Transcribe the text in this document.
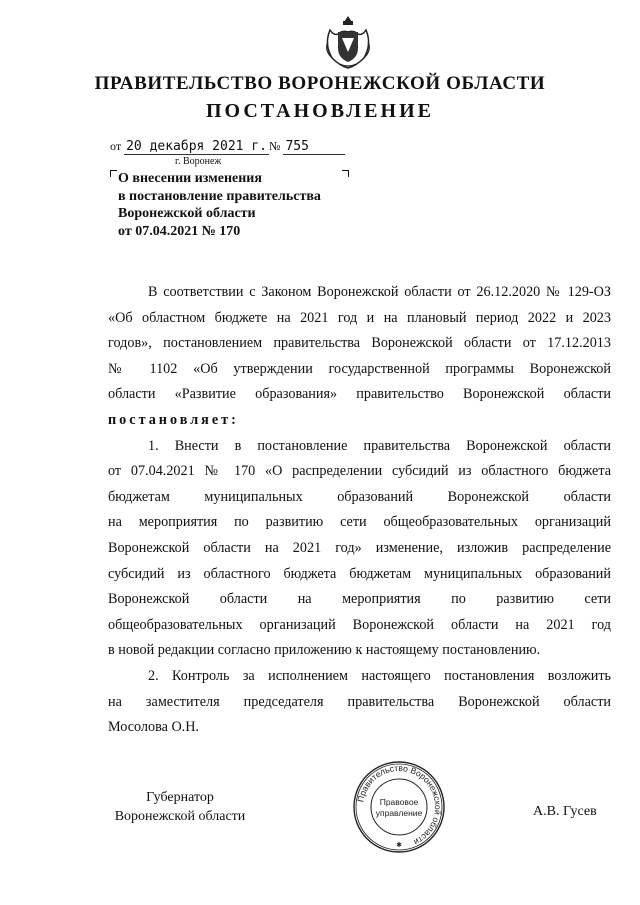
ПРАВИТЕЛЬСТВО ВОРОНЕЖСКОЙ ОБЛАСТИ
ПОСТАНОВЛЕНИЕ
от 20 декабря 2021 г. № 755
г. Воронеж
О внесении изменения
в постановление правительства
Воронежской области
от 07.04.2021 № 170

В соответствии с Законом Воронежской области от 26.12.2020 № 129-ОЗ

«Об областном бюджете на 2021 год и на плановый период 2022 и 2023

годов», постановлением правительства Воронежской области от 17.12.2013

№ 1102 «Об утверждении государственной программы Воронежской

области «Развитие образования» правительство Воронежской области

постановляет:

1. Внести в постановление правительства Воронежской области

от 07.04.2021 № 170 «О распределении субсидий из областного бюджета

бюджетам муниципальных образований Воронежской области

на мероприятия по развитию сети общеобразовательных организаций

Воронежской области на 2021 год» изменение, изложив распределение

субсидий из областного бюджета бюджетам муниципальных образований

Воронежской области на мероприятия по развитию сети

общеобразовательных организаций Воронежской области на 2021 год

в новой редакции согласно приложению к настоящему постановлению.

2. Контроль за исполнением настоящего постановления возложить

на заместителя председателя правительства Воронежской области

Мосолова О.Н.

Губернатор
Воронежской области
Правительство Воронежской области
Правовое
управление
✱
А.В. Гусев
